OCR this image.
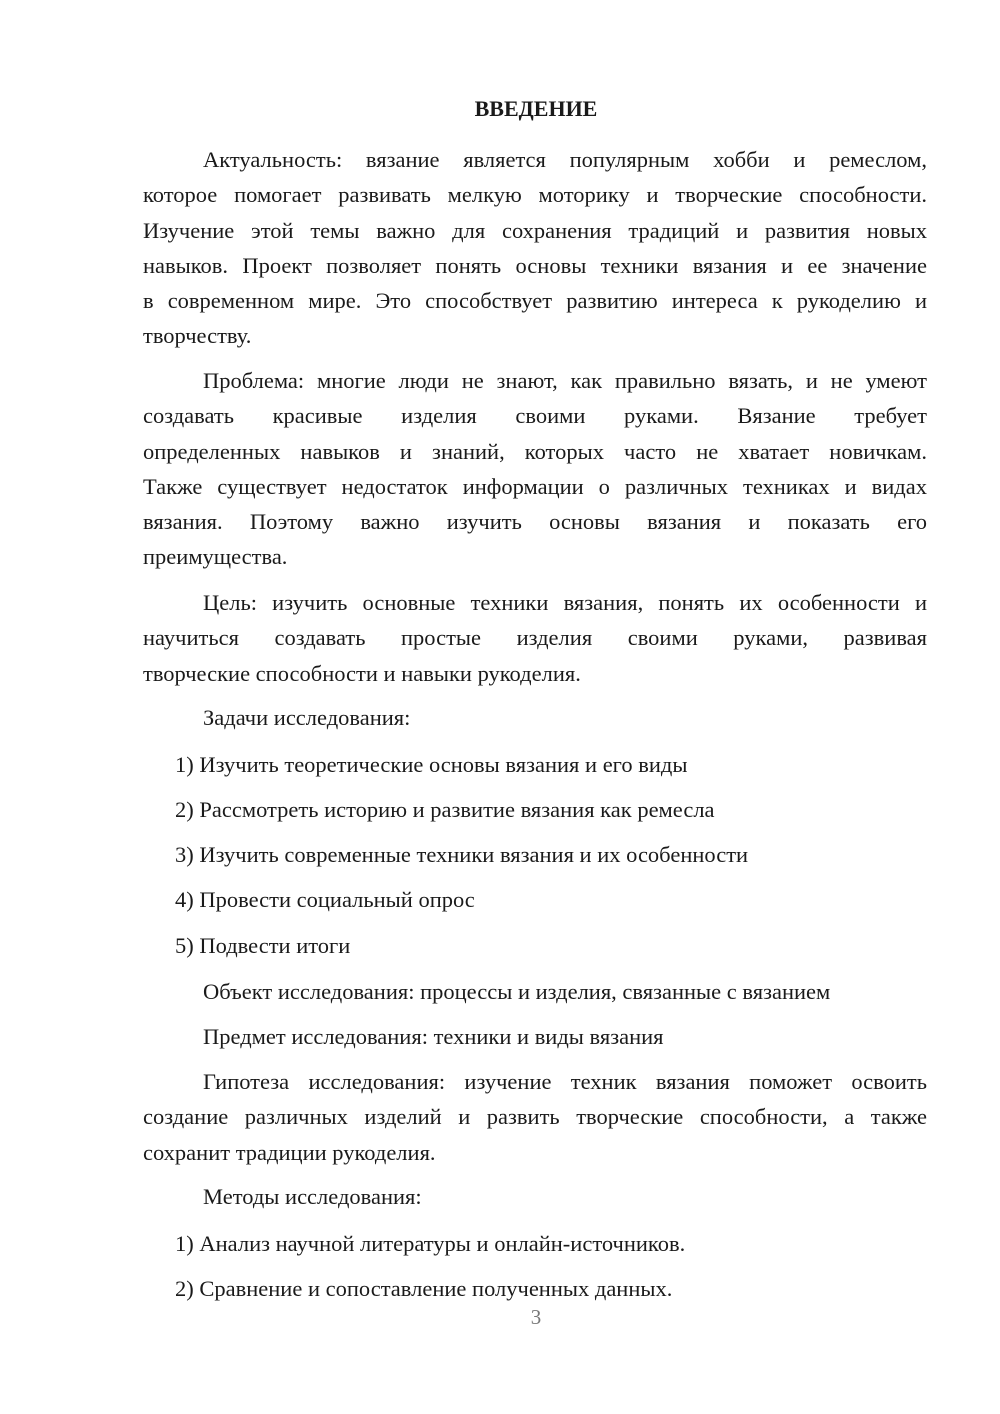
ВВЕДЕНИЕ
Актуальность: вязание является популярным хобби и ремеслом,
которое помогает развивать мелкую моторику и творческие способности.
Изучение этой темы важно для сохранения традиций и развития новых
навыков. Проект позволяет понять основы техники вязания и ее значение
в современном мире. Это способствует развитию интереса к рукоделию и
творчеству.
Проблема: многие люди не знают, как правильно вязать, и не умеют
создавать красивые изделия своими руками. Вязание требует
определенных навыков и знаний, которых часто не хватает новичкам.
Также существует недостаток информации о различных техниках и видах
вязания. Поэтому важно изучить основы вязания и показать его
преимущества.
Цель: изучить основные техники вязания, понять их особенности и
научиться создавать простые изделия своими руками, развивая
творческие способности и навыки рукоделия.
Задачи исследования:
1) Изучить теоретические основы вязания и его виды
2) Рассмотреть историю и развитие вязания как ремесла
3) Изучить современные техники вязания и их особенности
4) Провести социальный опрос
5) Подвести итоги
Объект исследования: процессы и изделия, связанные с вязанием
Предмет исследования: техники и виды вязания
Гипотеза исследования: изучение техник вязания поможет освоить
создание различных изделий и развить творческие способности, а также
сохранит традиции рукоделия.
Методы исследования:
1) Анализ научной литературы и онлайн-источников.
2) Сравнение и сопоставление полученных данных.
3
